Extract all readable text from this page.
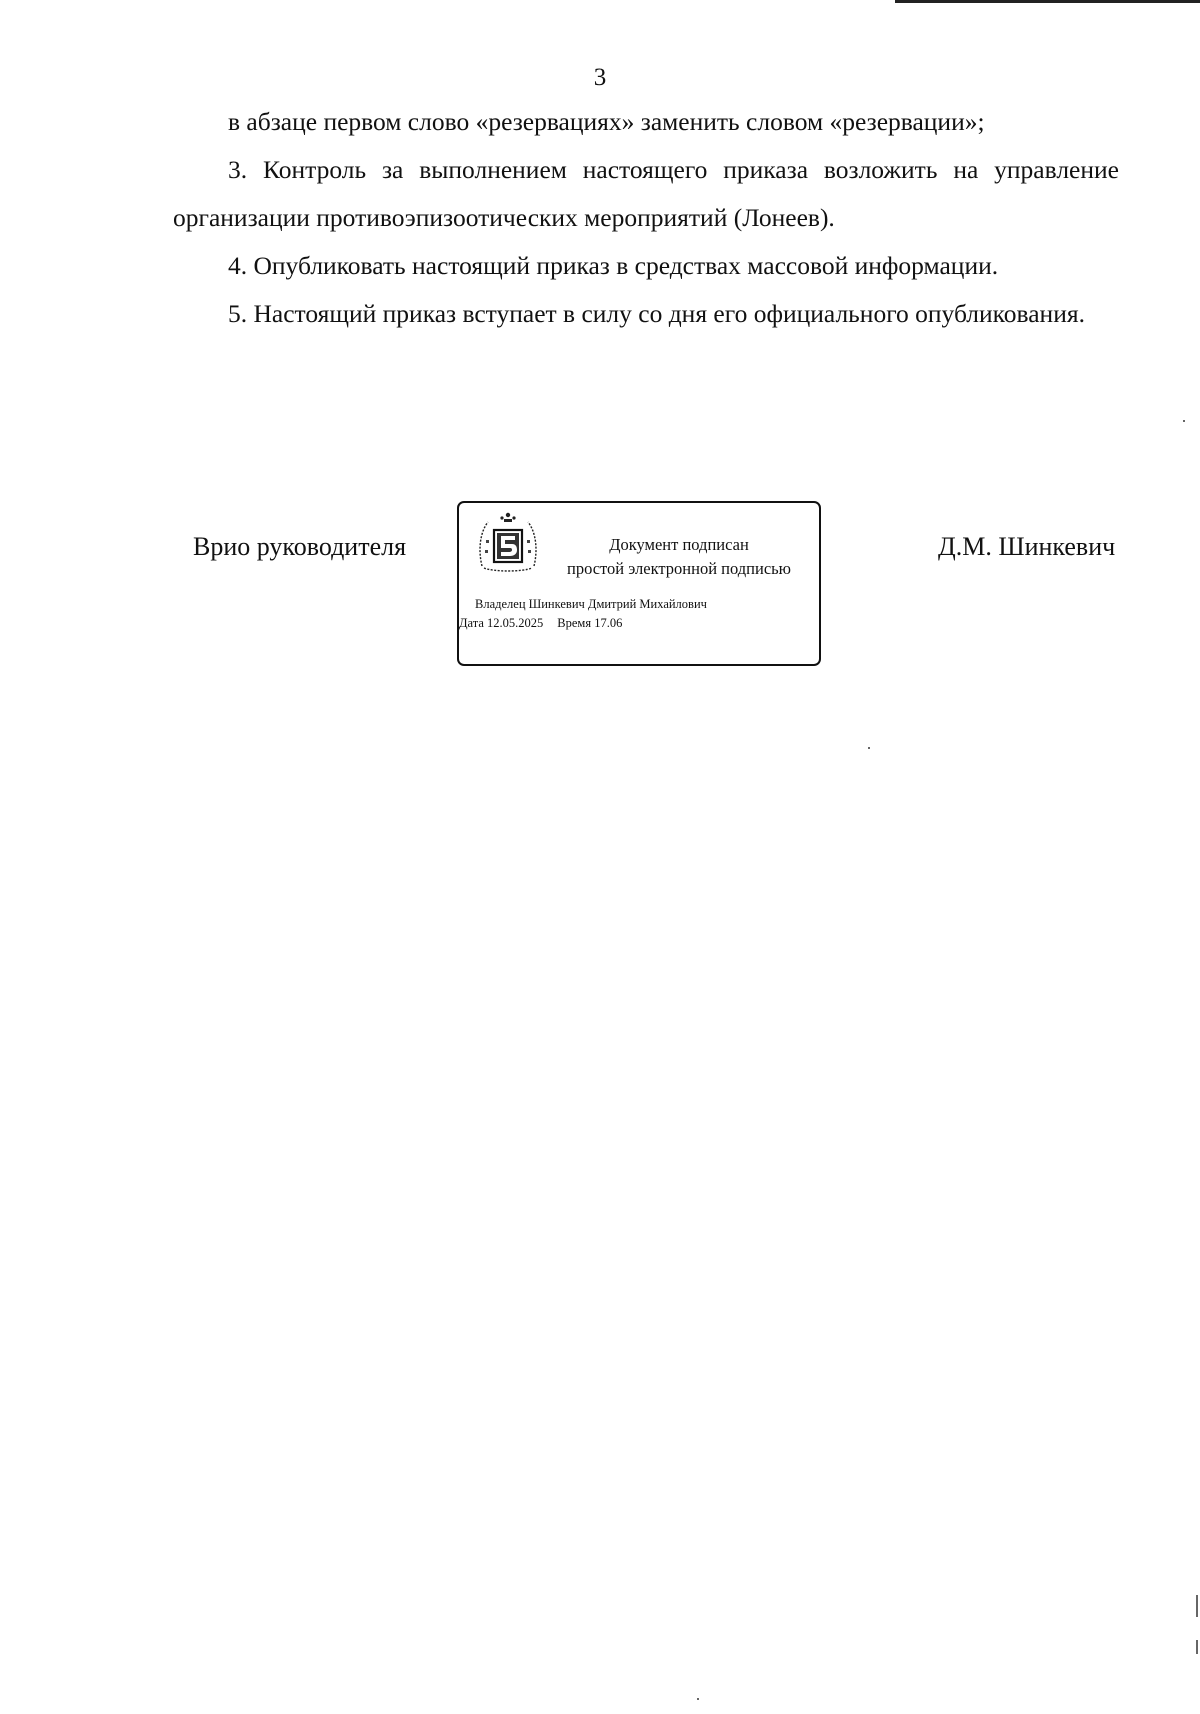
3

в абзаце первом слово «резервациях» заменить словом «резервации»;

3. Контроль за выполнением настоящего приказа возложить на управление организации противоэпизоотических мероприятий (Лонеев).

4. Опубликовать настоящий приказ в средствах массовой информации.

5. Настоящий приказ вступает в силу со дня его официального опубликования.

Врио руководителя	Документ подписан
простой электронной подписью
Владелец Шинкевич Дмитрий Михайлович
Дата 12.05.2025 Время 17.06
Д.М. Шинкевич
